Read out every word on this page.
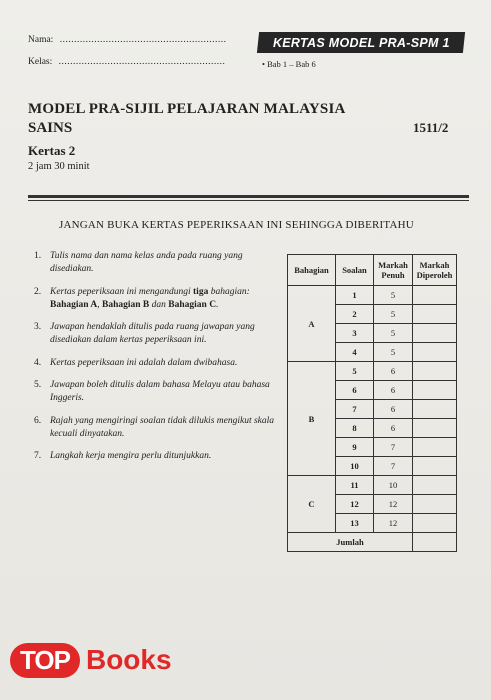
Nama: ..........................................................
Kelas: ..........................................................
KERTAS MODEL PRA-SPM 1
• Bab 1 – Bab 6
MODEL PRA-SIJIL PELAJARAN MALAYSIA
SAINS	1511/2
Kertas 2
2 jam 30 minit
JANGAN BUKA KERTAS PEPERIKSAAN INI SEHINGGA DIBERITAHU
1. Tulis nama dan nama kelas anda pada ruang yang disediakan.
2. Kertas peperiksaan ini mengandungi tiga bahagian: Bahagian A, Bahagian B dan Bahagian C.
3. Jawapan hendaklah ditulis pada ruang jawapan yang disediakan dalam kertas peperiksaan ini.
4. Kertas peperiksaan ini adalah dalam dwibahasa.
5. Jawapan boleh ditulis dalam bahasa Melayu atau bahasa Inggeris.
6. Rajah yang mengiringi soalan tidak dilukis mengikut skala kecuali dinyatakan.
7. Langkah kerja mengira perlu ditunjukkan.
Bahagian	Soalan	Markah Penuh	Markah Diperoleh
A	1	5	
	2	5	
	3	5	
	4	5	
B	5	6	
	6	6	
	7	6	
	8	6	
	9	7	
	10	7	
C	11	10	
	12	12	
	13	12	
Jumlah			
TOP Books
